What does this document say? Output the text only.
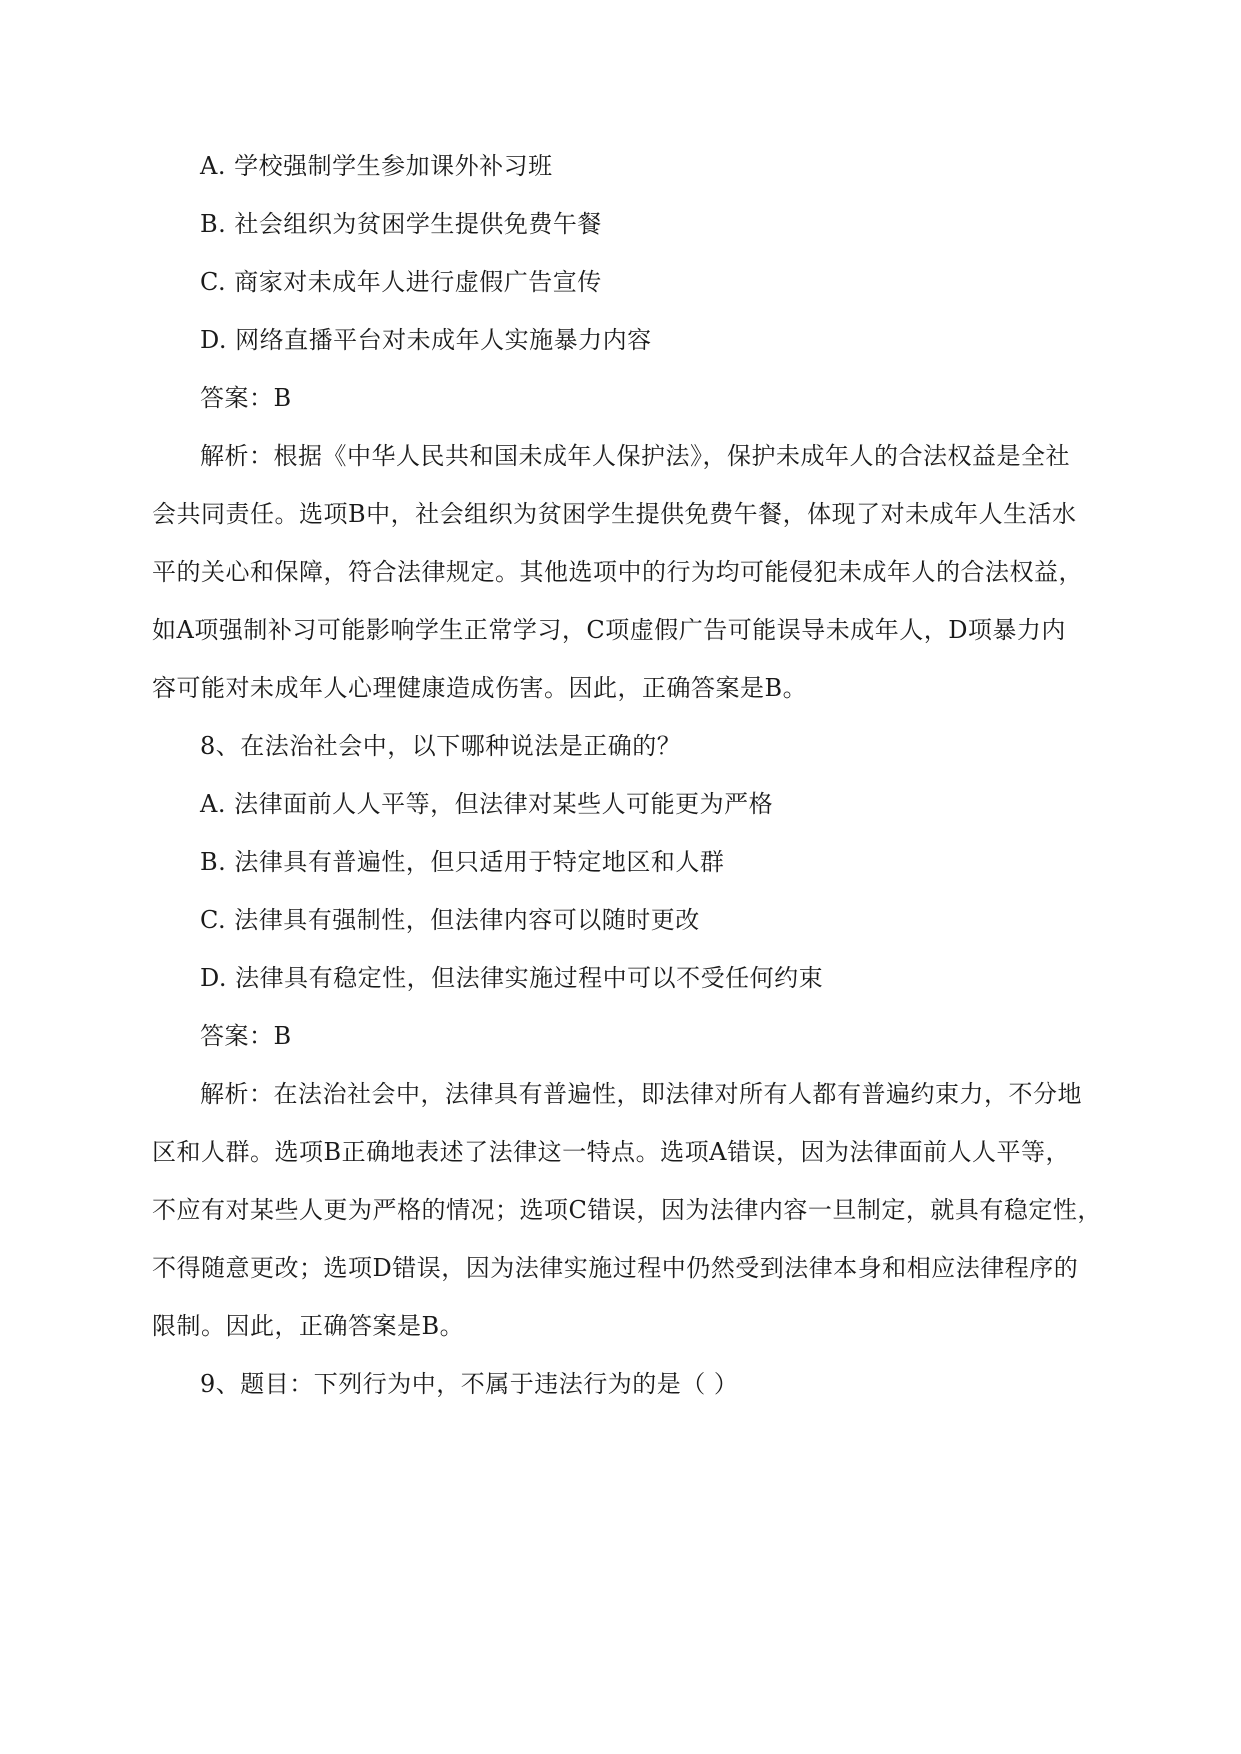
A. 学校强制学生参加课外补习班
B. 社会组织为贫困学生提供免费午餐
C. 商家对未成年人进行虚假广告宣传
D. 网络直播平台对未成年人实施暴力内容
答案：B
解析：根据《中华人民共和国未成年人保护法》，保护未成年人的合法权益是全社
会共同责任。选项B中，社会组织为贫困学生提供免费午餐，体现了对未成年人生活水
平的关心和保障，符合法律规定。其他选项中的行为均可能侵犯未成年人的合法权益，
如A项强制补习可能影响学生正常学习，C项虚假广告可能误导未成年人，D项暴力内
容可能对未成年人心理健康造成伤害。因此，正确答案是B。
8、在法治社会中，以下哪种说法是正确的？
A. 法律面前人人平等，但法律对某些人可能更为严格
B. 法律具有普遍性，但只适用于特定地区和人群
C. 法律具有强制性，但法律内容可以随时更改
D. 法律具有稳定性，但法律实施过程中可以不受任何约束
答案：B
解析：在法治社会中，法律具有普遍性，即法律对所有人都有普遍约束力，不分地
区和人群。选项B正确地表述了法律这一特点。选项A错误，因为法律面前人人平等，
不应有对某些人更为严格的情况；选项C错误，因为法律内容一旦制定，就具有稳定性，
不得随意更改；选项D错误，因为法律实施过程中仍然受到法律本身和相应法律程序的
限制。因此，正确答案是B。
9、题目：下列行为中，不属于违法行为的是（ ）
